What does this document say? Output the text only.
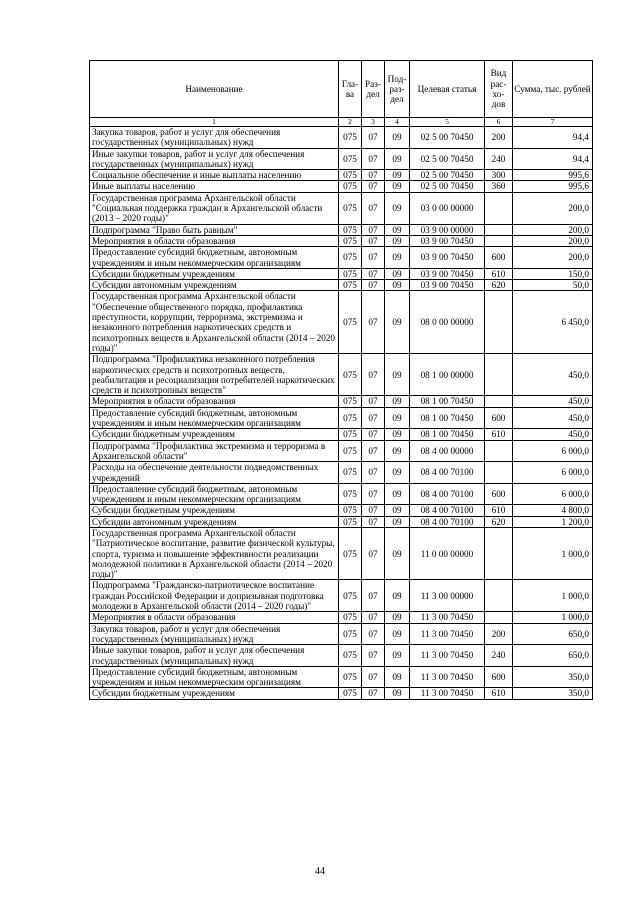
Наименование	Гла-ва	Раз-дел	Под-раз-дел	Целевая статья	Вид рас-хо-дов	Сумма, тыс. рублей
1	2	3	4	5	6	7
Закупка товаров, работ и услуг для обеспечения государственных (муниципальных) нужд	075	07	09	02 5 00 70450	200	94,4
Иные закупки товаров, работ и услуг для обеспечения государственных (муниципальных) нужд	075	07	09	02 5 00 70450	240	94,4
Социальное обеспечение и иные выплаты населению	075	07	09	02 5 00 70450	300	995,6
Иные выплаты населению	075	07	09	02 5 00 70450	360	995,6
Государственная программа Архангельской области "Социальная поддержка граждан в Архангельской области (2013 – 2020 годы)"	075	07	09	03 0 00 00000		200,0
Подпрограмма "Право быть равным"	075	07	09	03 9 00 00000		200,0
Мероприятия в области образования	075	07	09	03 9 00 70450		200,0
Предоставление субсидий бюджетным, автономным учреждениям и иным некоммерческим организациям	075	07	09	03 9 00 70450	600	200,0
Субсидии бюджетным учреждениям	075	07	09	03 9 00 70450	610	150,0
Субсидии автономным учреждениям	075	07	09	03 9 00 70450	620	50,0
Государственная программа Архангельской области "Обеспечение общественного порядка, профилактика преступности, коррупции, терроризма, экстремизма и незаконного потребления наркотических средств и психотропных веществ в Архангельской области (2014 – 2020 годы)"	075	07	09	08 0 00 00000		6 450,0
Подпрограмма "Профилактика незаконного потребления наркотических средств и психотропных веществ, реабилитация и ресоциализация потребителей наркотических средств и психотропных веществ"	075	07	09	08 1 00 00000		450,0
Мероприятия в области образования	075	07	09	08 1 00 70450		450,0
Предоставление субсидий бюджетным, автономным учреждениям и иным некоммерческим организациям	075	07	09	08 1 00 70450	600	450,0
Субсидии бюджетным учреждениям	075	07	09	08 1 00 70450	610	450,0
Подпрограмма "Профилактика экстремизма и терроризма в Архангельской области"	075	07	09	08 4 00 00000		6 000,0
Расходы на обеспечение деятельности подведомственных учреждений	075	07	09	08 4 00 70100		6 000,0
Предоставление субсидий бюджетным, автономным учреждениям и иным некоммерческим организациям	075	07	09	08 4 00 70100	600	6 000,0
Субсидии бюджетным учреждениям	075	07	09	08 4 00 70100	610	4 800,0
Субсидии автономным учреждениям	075	07	09	08 4 00 70100	620	1 200,0
Государственная программа Архангельской области "Патриотическое воспитание, развитие физической культуры, спорта, туризма и повышение эффективности реализации молодежной политики в Архангельской области (2014 – 2020 годы)"	075	07	09	11 0 00 00000		1 000,0
Подпрограмма "Гражданско-патриотическое воспитание граждан Российской Федерации и допризывная подготовка молодежи в Архангельской области (2014 – 2020 годы)"	075	07	09	11 3 00 00000		1 000,0
Мероприятия в области образования	075	07	09	11 3 00 70450		1 000,0
Закупка товаров, работ и услуг для обеспечения государственных (муниципальных) нужд	075	07	09	11 3 00 70450	200	650,0
Иные закупки товаров, работ и услуг для обеспечения государственных (муниципальных) нужд	075	07	09	11 3 00 70450	240	650,0
Предоставление субсидий бюджетным, автономным учреждениям и иным некоммерческим организациям	075	07	09	11 3 00 70450	600	350,0
Субсидии бюджетным учреждениям	075	07	09	11 3 00 70450	610	350,0
44
